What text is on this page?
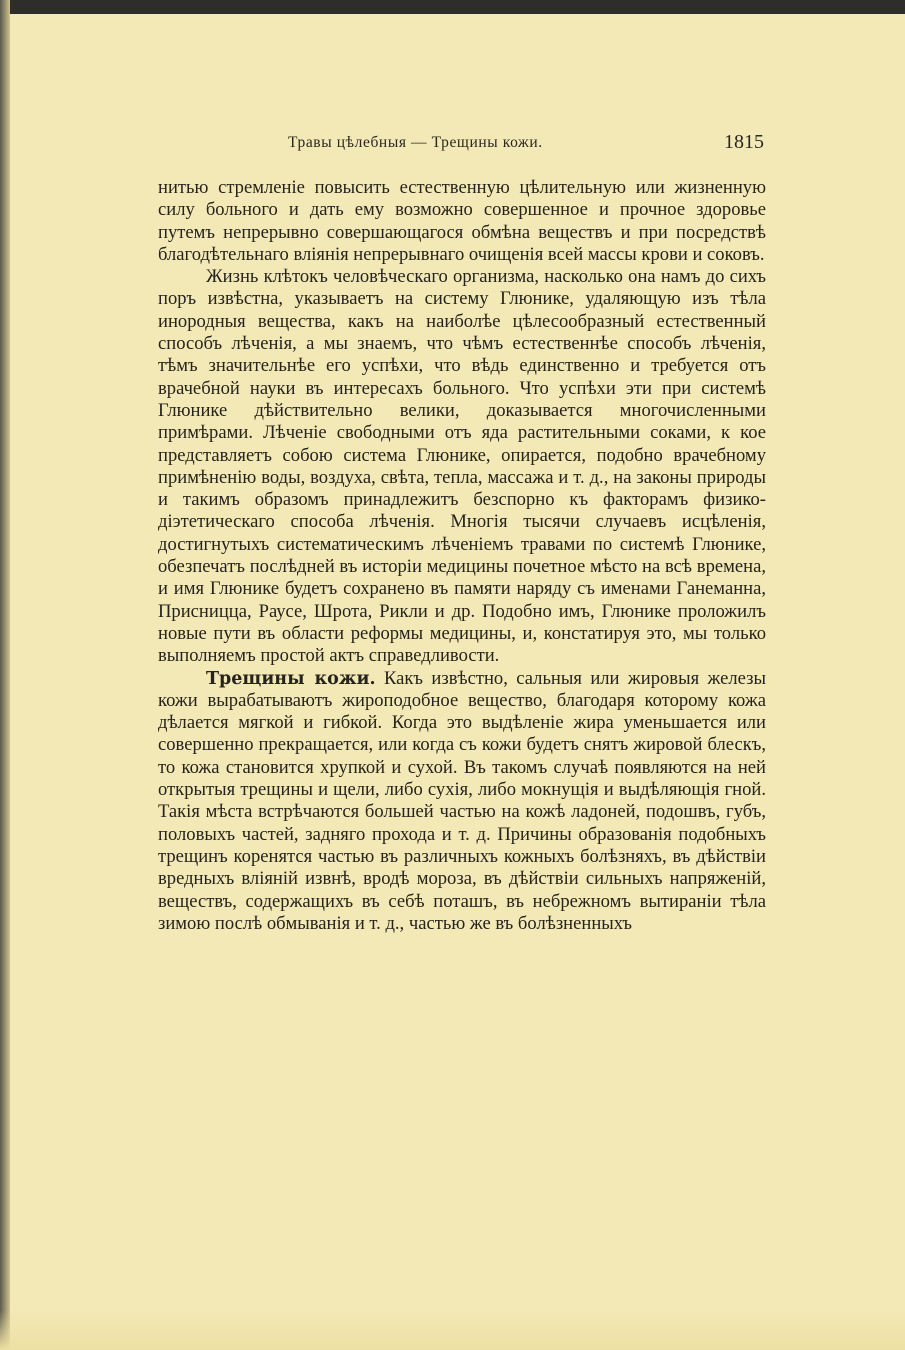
Травы цѣлебныя — Трещины кожи.	1815

нитью стремленіе повысить естественную цѣлительную или жизненную силу больного и дать ему возможно совершенное и прочное здоровье путемъ непрерывно совершающагося обмѣна веществъ и при посредствѣ благодѣтельнаго вліянія непрерывнаго очищенія всей массы крови и соковъ.

Жизнь клѣтокъ человѣческаго организма, насколько она намъ до сихъ поръ извѣстна, указываетъ на систему Глюнике, удаляющую изъ тѣла инородныя вещества, какъ на наиболѣе цѣлесообразный естественный способъ лѣченія, а мы знаемъ, что чѣмъ естественнѣе способъ лѣченія, тѣмъ значительнѣе его успѣхи, что вѣдь единственно и требуется отъ врачебной науки въ интересахъ больного. Что успѣхи эти при системѣ Глюнике дѣйствительно велики, доказывается многочисленными примѣрами. Лѣченіе свободными отъ яда растительными соками, к кое представляетъ собою система Глюнике, опирается, подобно врачебному примѣненію воды, воздуха, свѣта, тепла, массажа и т. д., на законы природы и такимъ образомъ принадлежитъ безспорно къ факторамъ физико-діэтетическаго способа лѣченія. Многія тысячи случаевъ исцѣленія, достигнутыхъ систематическимъ лѣченіемъ травами по системѣ Глюнике, обезпечатъ послѣдней въ исторіи медицины почетное мѣсто на всѣ времена, и имя Глюнике будетъ сохранено въ памяти наряду съ именами Ганеманна, Присницца, Раусе, Шрота, Рикли и др. Подобно имъ, Глюнике проложилъ новые пути въ области реформы медицины, и, констатируя это, мы только выполняемъ простой актъ справедливости.

Трещины кожи. Какъ извѣстно, сальныя или жировыя железы кожи вырабатываютъ жироподобное вещество, благодаря которому кожа дѣлается мягкой и гибкой. Когда это выдѣленіе жира уменьшается или совершенно прекращается, или когда съ кожи будетъ снятъ жировой блескъ, то кожа становится хрупкой и сухой. Въ такомъ случаѣ появляются на ней открытыя трещины и щели, либо сухія, либо мокнущія и выдѣляющія гной. Такія мѣста встрѣчаются большей частью на кожѣ ладоней, подошвъ, губъ, половыхъ частей, задняго прохода и т. д. Причины образованія подобныхъ трещинъ коренятся частью въ различныхъ кожныхъ болѣзняхъ, въ дѣйствіи вредныхъ вліяній извнѣ, вродѣ мороза, въ дѣйствіи сильныхъ напряженій, веществъ, содержащихъ въ себѣ поташъ, въ небрежномъ вытираніи тѣла зимою послѣ обмыванія и т. д., частью же въ болѣзненныхъ
